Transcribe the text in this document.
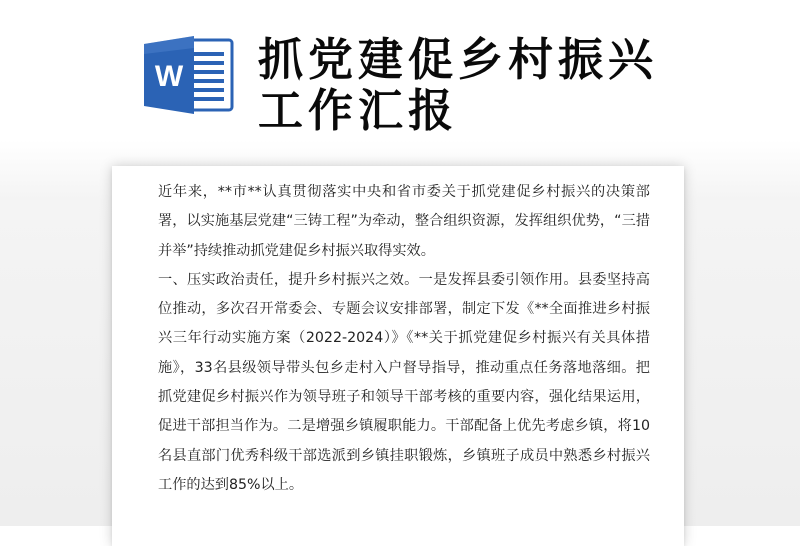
W 抓党建促乡村振兴工作汇报

近年来，**市**认真贯彻落实中央和省市委关于抓党建促乡村振兴的决策部署，以实施基层党建“三铸工程”为牵动，整合组织资源，发挥组织优势，“三措并举”持续推动抓党建促乡村振兴取得实效。

一、压实政治责任，提升乡村振兴之效。一是发挥县委引领作用。县委坚持高位推动，多次召开常委会、专题会议安排部署，制定下发《**全面推进乡村振兴三年行动实施方案（2022-2024）》《**关于抓党建促乡村振兴有关具体措施》，33名县级领导带头包乡走村入户督导指导，推动重点任务落地落细。把抓党建促乡村振兴作为领导班子和领导干部考核的重要内容，强化结果运用，促进干部担当作为。二是增强乡镇履职能力。干部配备上优先考虑乡镇，将10名县直部门优秀科级干部选派到乡镇挂职锻炼，乡镇班子成员中熟悉乡村振兴工作的达到85%以上。
